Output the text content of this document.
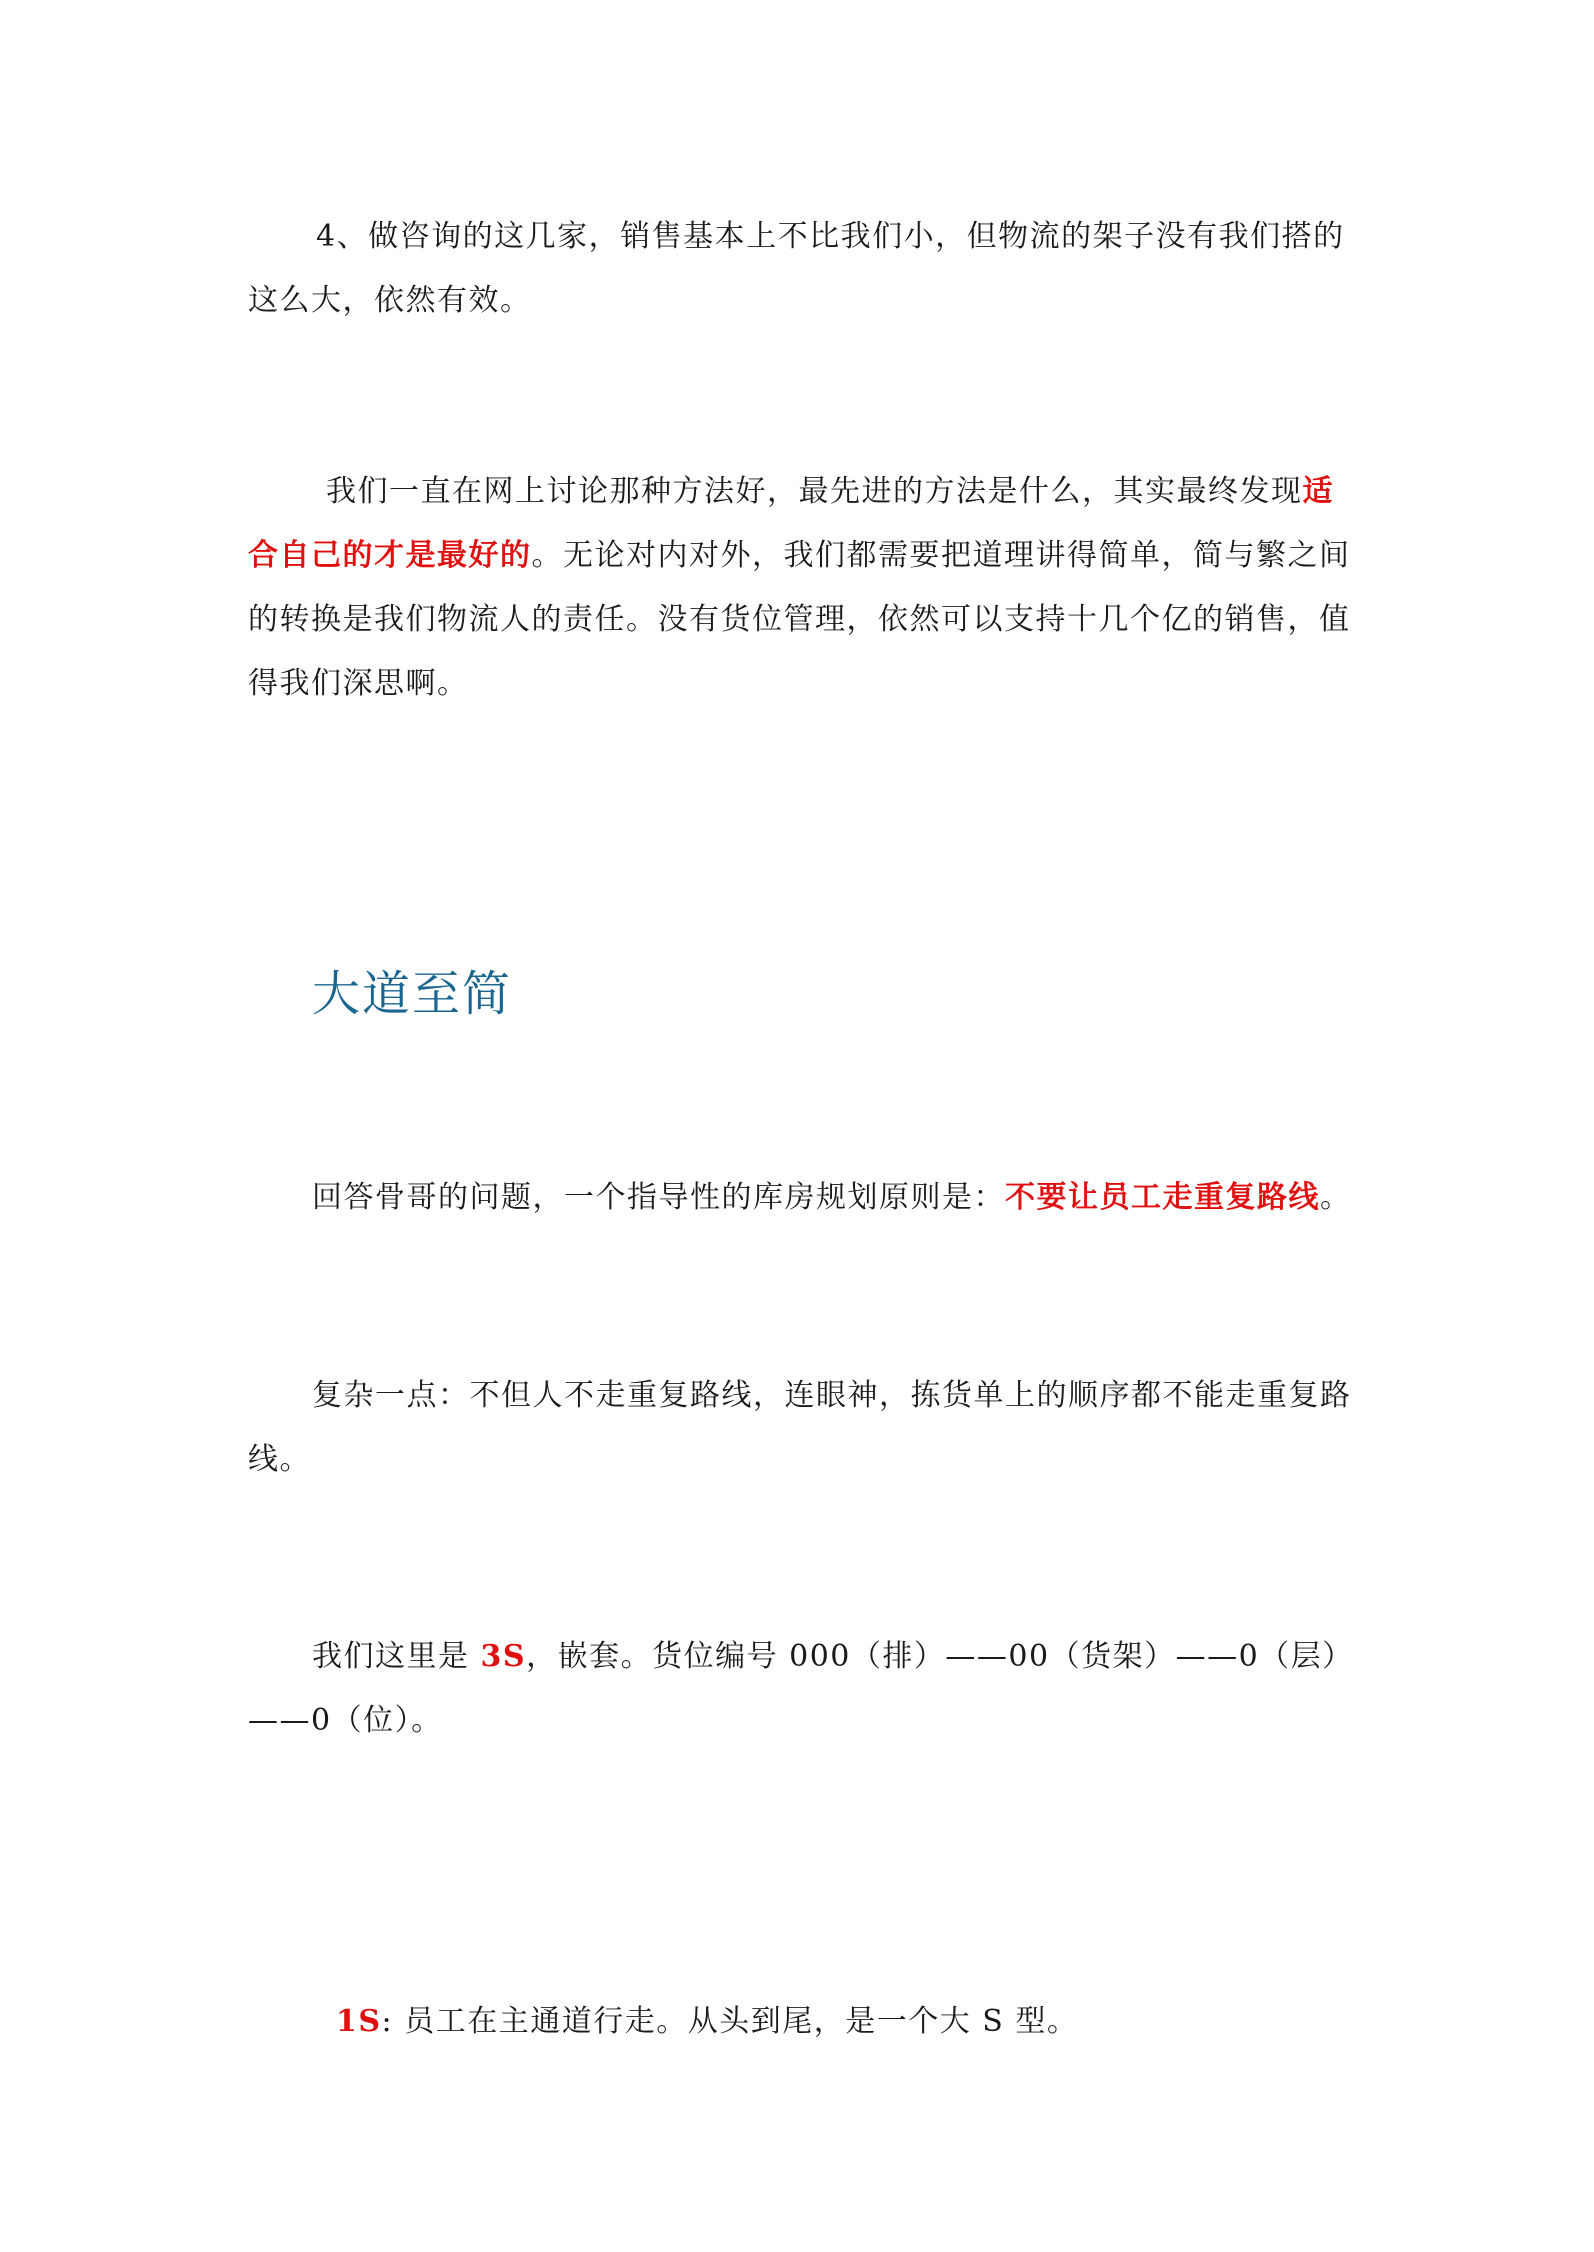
4、做咨询的这几家，销售基本上不比我们小，但物流的架子没有我们搭的这么大，依然有效。

我们一直在网上讨论那种方法好，最先进的方法是什么，其实最终发现适合自己的才是最好的。无论对内对外，我们都需要把道理讲得简单，简与繁之间的转换是我们物流人的责任。没有货位管理，依然可以支持十几个亿的销售，值得我们深思啊。

大道至简

回答骨哥的问题，一个指导性的库房规划原则是：不要让员工走重复路线。

复杂一点：不但人不走重复路线，连眼神，拣货单上的顺序都不能走重复路线。

我们这里是 3S，嵌套。货位编号 000（排）——00（货架）——0（层）——0（位）。

1S: 员工在主通道行走。从头到尾，是一个大 S 型。
